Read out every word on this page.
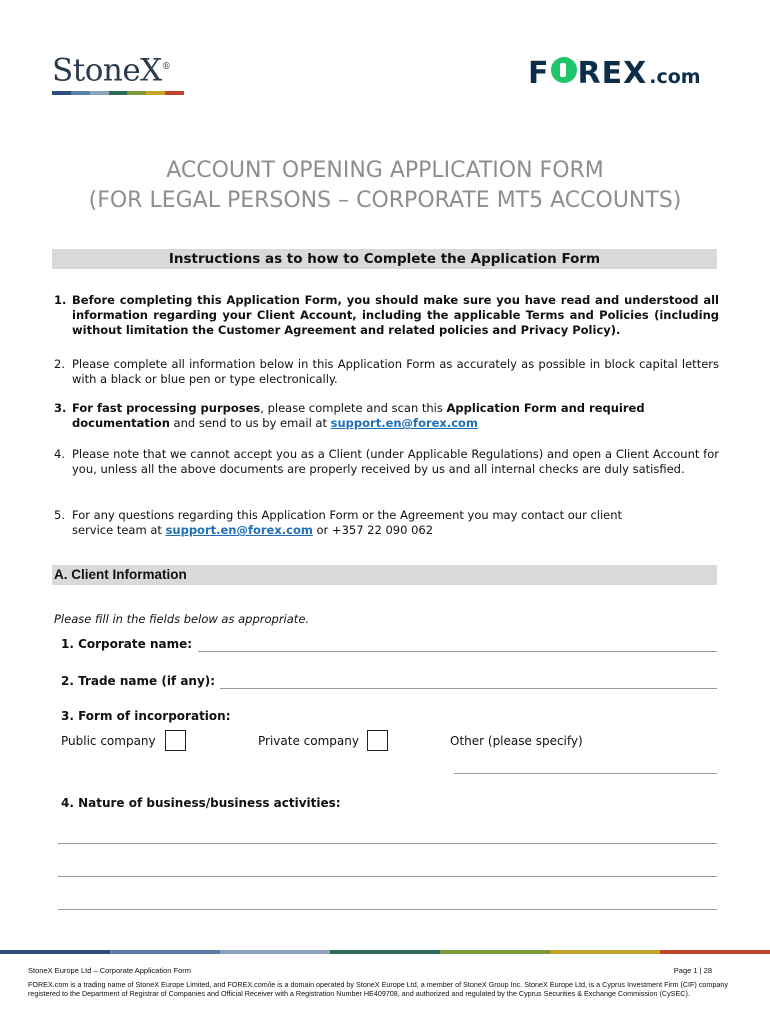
StoneX®	F REX .com
ACCOUNT OPENING APPLICATION FORM
(FOR LEGAL PERSONS – CORPORATE MT5 ACCOUNTS)
Instructions as to how to Complete the Application Form
1. Before completing this Application Form, you should make sure you have read and understood all information regarding your Client Account, including the applicable Terms and Policies (including without limitation the Customer Agreement and related policies and Privacy Policy).
2. Please complete all information below in this Application Form as accurately as possible in block capital letters with a black or blue pen or type electronically.
3. For fast processing purposes, please complete and scan this Application Form and required documentation and send to us by email at support.en@forex.com
4. Please note that we cannot accept you as a Client (under Applicable Regulations) and open a Client Account for you, unless all the above documents are properly received by us and all internal checks are duly satisfied.
5. For any questions regarding this Application Form or the Agreement you may contact our client service team at support.en@forex.com or +357 22 090 062
A. Client Information
Please fill in the fields below as appropriate.
1. Corporate name:
2. Trade name (if any):
3. Form of incorporation:
Public company	Private company	Other (please specify)
4. Nature of business/business activities:
StoneX Europe Ltd – Corporate Application Form	Page 1 | 28
FOREX.com is a trading name of StoneX Europe Limited, and FOREX.com/ie is a domain operated by StoneX Europe Ltd, a member of StoneX Group Inc. StoneX Europe Ltd, is a Cyprus Investment Firm (CIF) company registered to the Department of Registrar of Companies and Official Receiver with a Registration Number HE409708, and authorized and regulated by the Cyprus Securities & Exchange Commission (CySEC).
